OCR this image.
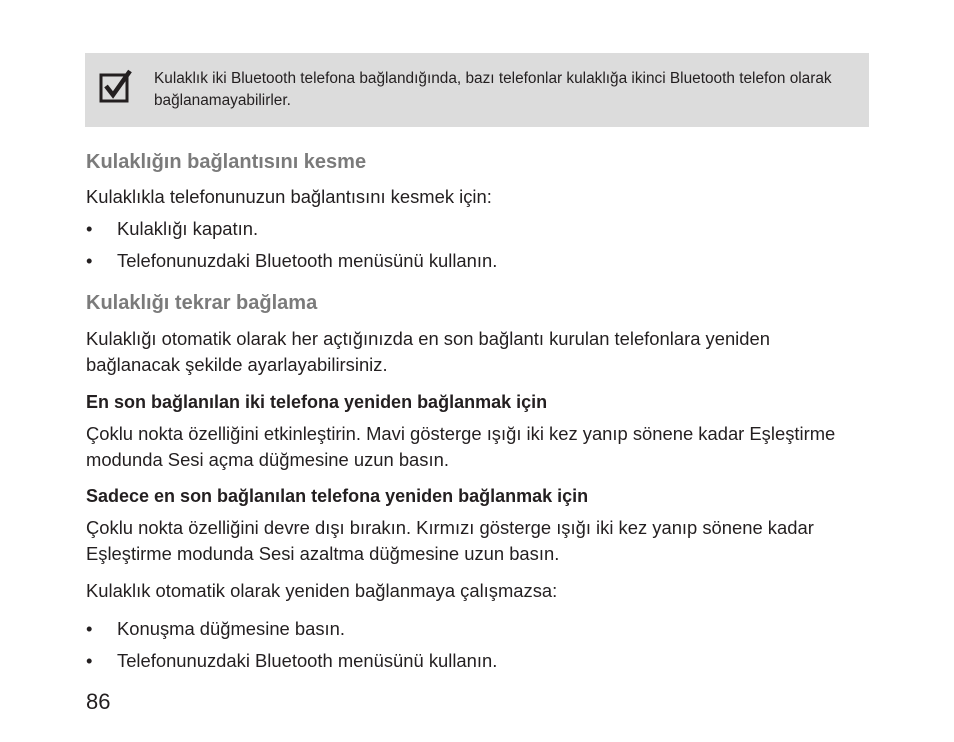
Kulaklık iki Bluetooth telefona bağlandığında, bazı telefonlar kulaklığa ikinci Bluetooth telefon olarak bağlanamayabilirler.
Kulaklığın bağlantısını kesme
Kulaklıkla telefonunuzun bağlantısını kesmek için:
• Kulaklığı kapatın.
• Telefonunuzdaki Bluetooth menüsünü kullanın.
Kulaklığı tekrar bağlama
Kulaklığı otomatik olarak her açtığınızda en son bağlantı kurulan telefonlara yeniden bağlanacak şekilde ayarlayabilirsiniz.
En son bağlanılan iki telefona yeniden bağlanmak için
Çoklu nokta özelliğini etkinleştirin. Mavi gösterge ışığı iki kez yanıp sönene kadar Eşleştirme modunda Sesi açma düğmesine uzun basın.
Sadece en son bağlanılan telefona yeniden bağlanmak için
Çoklu nokta özelliğini devre dışı bırakın. Kırmızı gösterge ışığı iki kez yanıp sönene kadar Eşleştirme modunda Sesi azaltma düğmesine uzun basın.
Kulaklık otomatik olarak yeniden bağlanmaya çalışmazsa:
• Konuşma düğmesine basın.
• Telefonunuzdaki Bluetooth menüsünü kullanın.
86
